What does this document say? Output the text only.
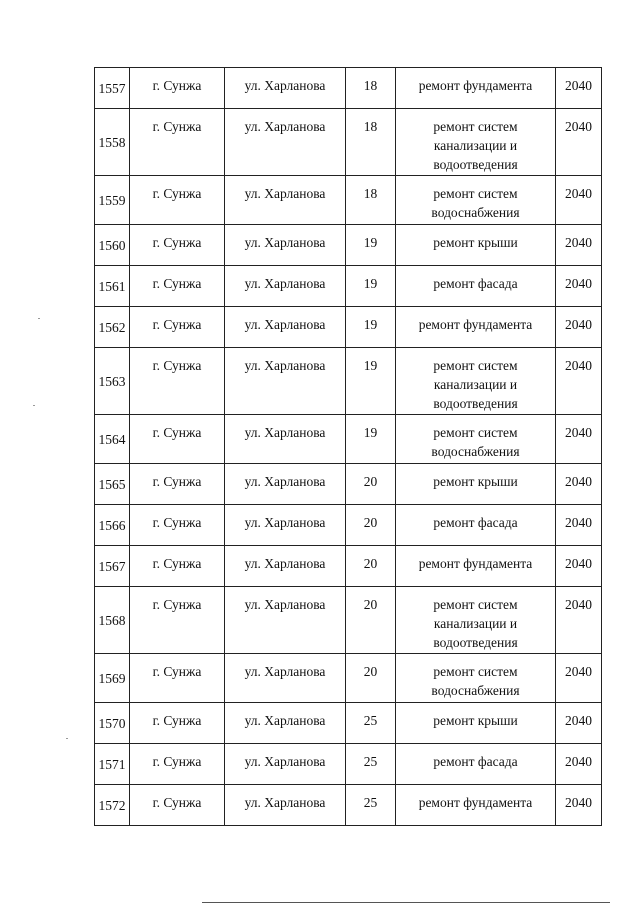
1557	г. Сунжа	ул. Харланова	18	ремонт фундамента	2040
1558	г. Сунжа	ул. Харланова	18	ремонт систем канализации и водоотведения	2040
1559	г. Сунжа	ул. Харланова	18	ремонт систем водоснабжения	2040
1560	г. Сунжа	ул. Харланова	19	ремонт крыши	2040
1561	г. Сунжа	ул. Харланова	19	ремонт фасада	2040
1562	г. Сунжа	ул. Харланова	19	ремонт фундамента	2040
1563	г. Сунжа	ул. Харланова	19	ремонт систем канализации и водоотведения	2040
1564	г. Сунжа	ул. Харланова	19	ремонт систем водоснабжения	2040
1565	г. Сунжа	ул. Харланова	20	ремонт крыши	2040
1566	г. Сунжа	ул. Харланова	20	ремонт фасада	2040
1567	г. Сунжа	ул. Харланова	20	ремонт фундамента	2040
1568	г. Сунжа	ул. Харланова	20	ремонт систем канализации и водоотведения	2040
1569	г. Сунжа	ул. Харланова	20	ремонт систем водоснабжения	2040
1570	г. Сунжа	ул. Харланова	25	ремонт крыши	2040
1571	г. Сунжа	ул. Харланова	25	ремонт фасада	2040
1572	г. Сунжа	ул. Харланова	25	ремонт фундамента	2040
